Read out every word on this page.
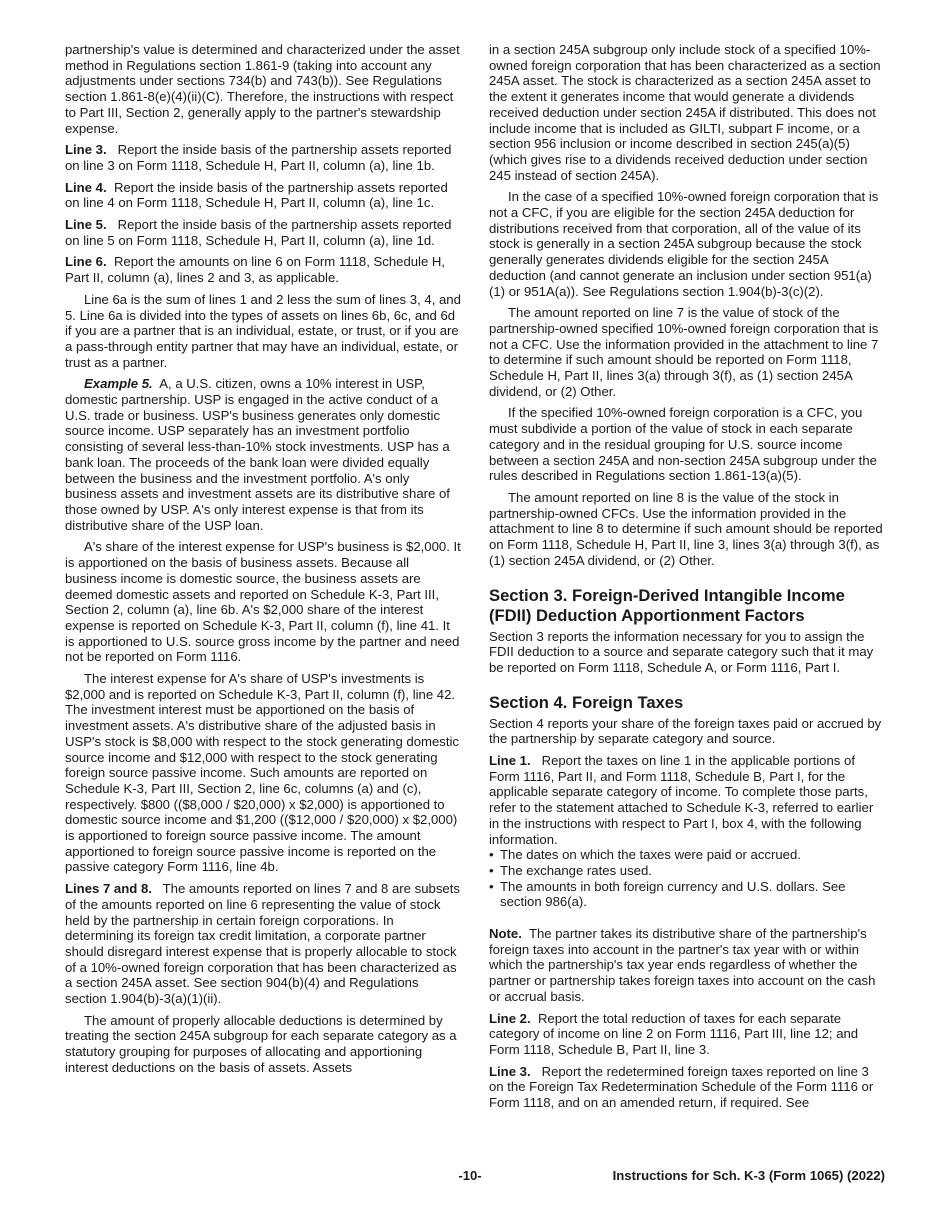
partnership's value is determined and characterized under the asset method in Regulations section 1.861-9 (taking into account any adjustments under sections 734(b) and 743(b)). See Regulations section 1.861-8(e)(4)(ii)(C). Therefore, the instructions with respect to Part III, Section 2, generally apply to the partner's stewardship expense.

Line 3. Report the inside basis of the partnership assets reported on line 3 on Form 1118, Schedule H, Part II, column (a), line 1b.

Line 4. Report the inside basis of the partnership assets reported on line 4 on Form 1118, Schedule H, Part II, column (a), line 1c.

Line 5. Report the inside basis of the partnership assets reported on line 5 on Form 1118, Schedule H, Part II, column (a), line 1d.

Line 6. Report the amounts on line 6 on Form 1118, Schedule H, Part II, column (a), lines 2 and 3, as applicable.

Line 6a is the sum of lines 1 and 2 less the sum of lines 3, 4, and 5. Line 6a is divided into the types of assets on lines 6b, 6c, and 6d if you are a partner that is an individual, estate, or trust, or if you are a pass-through entity partner that may have an individual, estate, or trust as a partner.

Example 5. A, a U.S. citizen, owns a 10% interest in USP, domestic partnership. USP is engaged in the active conduct of a U.S. trade or business. USP's business generates only domestic source income. USP separately has an investment portfolio consisting of several less-than-10% stock investments. USP has a bank loan. The proceeds of the bank loan were divided equally between the business and the investment portfolio. A's only business assets and investment assets are its distributive share of those owned by USP. A's only interest expense is that from its distributive share of the USP loan.

A's share of the interest expense for USP's business is $2,000. It is apportioned on the basis of business assets. Because all business income is domestic source, the business assets are deemed domestic assets and reported on Schedule K-3, Part III, Section 2, column (a), line 6b. A's $2,000 share of the interest expense is reported on Schedule K-3, Part II, column (f), line 41. It is apportioned to U.S. source gross income by the partner and need not be reported on Form 1116.

The interest expense for A's share of USP's investments is $2,000 and is reported on Schedule K-3, Part II, column (f), line 42. The investment interest must be apportioned on the basis of investment assets. A's distributive share of the adjusted basis in USP's stock is $8,000 with respect to the stock generating domestic source income and $12,000 with respect to the stock generating foreign source passive income. Such amounts are reported on Schedule K-3, Part III, Section 2, line 6c, columns (a) and (c), respectively. $800 (($8,000 / $20,000) x $2,000) is apportioned to domestic source income and $1,200 (($12,000 / $20,000) x $2,000) is apportioned to foreign source passive income. The amount apportioned to foreign source passive income is reported on the passive category Form 1116, line 4b.

Lines 7 and 8. The amounts reported on lines 7 and 8 are subsets of the amounts reported on line 6 representing the value of stock held by the partnership in certain foreign corporations. In determining its foreign tax credit limitation, a corporate partner should disregard interest expense that is properly allocable to stock of a 10%-owned foreign corporation that has been characterized as a section 245A asset. See section 904(b)(4) and Regulations section 1.904(b)-3(a)(1)(ii).

The amount of properly allocable deductions is determined by treating the section 245A subgroup for each separate category as a statutory grouping for purposes of allocating and apportioning interest deductions on the basis of assets. Assets

in a section 245A subgroup only include stock of a specified 10%-owned foreign corporation that has been characterized as a section 245A asset. The stock is characterized as a section 245A asset to the extent it generates income that would generate a dividends received deduction under section 245A if distributed. This does not include income that is included as GILTI, subpart F income, or a section 956 inclusion or income described in section 245(a)(5) (which gives rise to a dividends received deduction under section 245 instead of section 245A).

In the case of a specified 10%-owned foreign corporation that is not a CFC, if you are eligible for the section 245A deduction for distributions received from that corporation, all of the value of its stock is generally in a section 245A subgroup because the stock generally generates dividends eligible for the section 245A deduction (and cannot generate an inclusion under section 951(a)(1) or 951A(a)). See Regulations section 1.904(b)-3(c)(2).

The amount reported on line 7 is the value of stock of the partnership-owned specified 10%-owned foreign corporation that is not a CFC. Use the information provided in the attachment to line 7 to determine if such amount should be reported on Form 1118, Schedule H, Part II, lines 3(a) through 3(f), as (1) section 245A dividend, or (2) Other.

If the specified 10%-owned foreign corporation is a CFC, you must subdivide a portion of the value of stock in each separate category and in the residual grouping for U.S. source income between a section 245A and non-section 245A subgroup under the rules described in Regulations section 1.861-13(a)(5).

The amount reported on line 8 is the value of the stock in partnership-owned CFCs. Use the information provided in the attachment to line 8 to determine if such amount should be reported on Form 1118, Schedule H, Part II, line 3, lines 3(a) through 3(f), as (1) section 245A dividend, or (2) Other.

Section 3. Foreign-Derived Intangible Income (FDII) Deduction Apportionment Factors

Section 3 reports the information necessary for you to assign the FDII deduction to a source and separate category such that it may be reported on Form 1118, Schedule A, or Form 1116, Part I.

Section 4. Foreign Taxes

Section 4 reports your share of the foreign taxes paid or accrued by the partnership by separate category and source.

Line 1. Report the taxes on line 1 in the applicable portions of Form 1116, Part II, and Form 1118, Schedule B, Part I, for the applicable separate category of income. To complete those parts, refer to the statement attached to Schedule K-3, referred to earlier in the instructions with respect to Part I, box 4, with the following information.

• The dates on which the taxes were paid or accrued.
• The exchange rates used.
• The amounts in both foreign currency and U.S. dollars. See section 986(a).

Note. The partner takes its distributive share of the partnership's foreign taxes into account in the partner's tax year with or within which the partnership's tax year ends regardless of whether the partner or partnership takes foreign taxes into account on the cash or accrual basis.

Line 2. Report the total reduction of taxes for each separate category of income on line 2 on Form 1116, Part III, line 12; and Form 1118, Schedule B, Part II, line 3.

Line 3. Report the redetermined foreign taxes reported on line 3 on the Foreign Tax Redetermination Schedule of the Form 1116 or Form 1118, and on an amended return, if required. See

-10-	Instructions for Sch. K-3 (Form 1065) (2022)
